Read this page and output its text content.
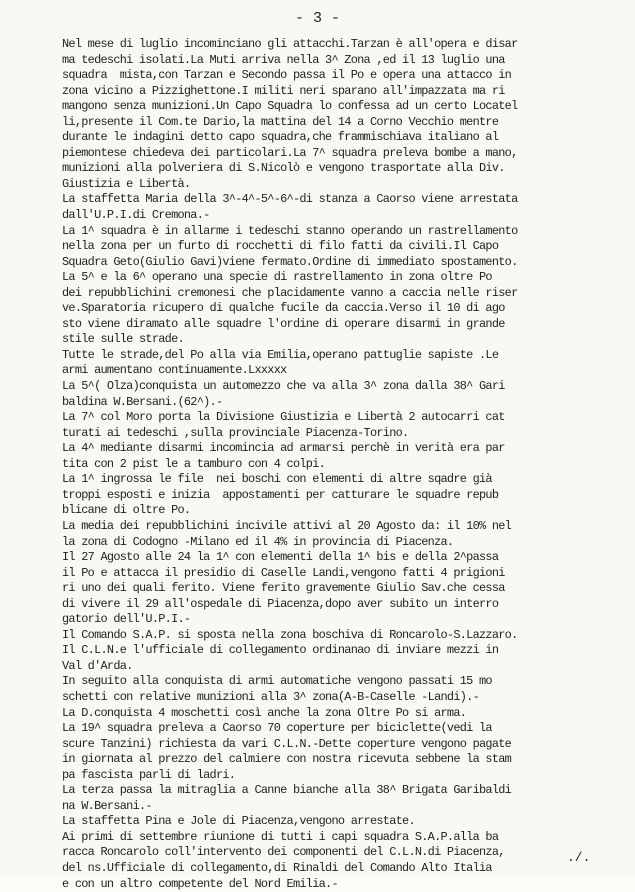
- 3 -
Nel mese di luglio incominciano gli attacchi.Tarzan è all'opera e disar
ma tedeschi isolati.La Muti arriva nella 3^ Zona ,ed il 13 luglio una
squadra  mista,con Tarzan e Secondo passa il Po e opera una attacco in
zona vicino a Pizzighettone.I militi neri sparano all'impazzata ma ri
mangono senza munizioni.Un Capo Squadra lo confessa ad un certo Locatel
li,presente il Com.te Dario,la mattina del 14 a Corno Vecchio mentre
durante le indagini detto capo squadra,che frammischiava italiano al
piemontese chiedeva dei particolari.La 7^ squadra preleva bombe a mano,
munizioni alla polveriera di S.Nicolò e vengono trasportate alla Div.
Giustizia e Libertà.
La staffetta Maria della 3^-4^-5^-6^-di stanza a Caorso viene arrestata
dall'U.P.I.di Cremona.-
La 1^ squadra è in allarme i tedeschi stanno operando un rastrellamento
nella zona per un furto di rocchetti di filo fatti da civili.Il Capo
Squadra Geto(Giulio Gavi)viene fermato.Ordine di immediato spostamento.
La 5^ e la 6^ operano una specie di rastrellamento in zona oltre Po
dei repubblichini cremonesi che placidamente vanno a caccia nelle riser
ve.Sparatoria ricupero di qualche fucile da caccia.Verso il 10 di ago
sto viene diramato alle squadre l'ordine di operare disarmi in grande
stile sulle strade.
Tutte le strade,del Po alla via Emilia,operano pattuglie sapiste .Le
armi aumentano continuamente.Lxxxxx
La 5^( Olza)conquista un automezzo che va alla 3^ zona dalla 38^ Gari
baldina W.Bersani.(62^).-
La 7^ col Moro porta la Divisione Giustizia e Libertà 2 autocarri cat
turati ai tedeschi ,sulla provinciale Piacenza-Torino.
La 4^ mediante disarmi incomincia ad armarsi perchè in verità era par
tita con 2 pist le a tamburo con 4 colpi.
La 1^ ingrossa le file  nei boschi con elementi di altre sqadre già
troppi esposti e inizia  appostamenti per catturare le squadre repub
blicane di oltre Po.
La media dei repubblichini incivile attivi al 20 Agosto da: il 10% nel
la zona di Codogno -Milano ed il 4% in provincia di Piacenza.
Il 27 Agosto alle 24 la 1^ con elementi della 1^ bis e della 2^passa
il Po e attacca il presidio di Caselle Landi,vengono fatti 4 prigioni
ri uno dei quali ferito. Viene ferito gravemente Giulio Sav.che cessa
di vivere il 29 all'ospedale di Piacenza,dopo aver subito un interro
gatorio dell'U.P.I.-
Il Comando S.A.P. si sposta nella zona boschiva di Roncarolo-S.Lazzaro.
Il C.L.N.e l'ufficiale di collegamento ordinanao di inviare mezzi in
Val d'Arda.
In seguito alla conquista di armi automatiche vengono passati 15 mo
schetti con relative munizioni alla 3^ zona(A-B-Caselle -Landi).-
La D.conquista 4 moschetti così anche la zona Oltre Po si arma.
La 19^ squadra preleva a Caorso 70 coperture per biciclette(vedi la
scure Tanzini) richiesta da vari C.L.N.-Dette coperture vengono pagate
in giornata al prezzo del calmiere con nostra ricevuta sebbene la stam
pa fascista parli di ladri.
La terza passa la mitraglia a Canne bianche alla 38^ Brigata Garibaldi
na W.Bersani.-
La staffetta Pina e Jole di Piacenza,vengono arrestate.
Ai primi di settembre riunione di tutti i capi squadra S.A.P.alla ba
racca Roncarolo coll'intervento dei componenti del C.L.N.di Piacenza,
del ns.Ufficiale di collegamento,di Rinaldi del Comando Alto Italia
e con un altro competente del Nord Emilia.-
./.
